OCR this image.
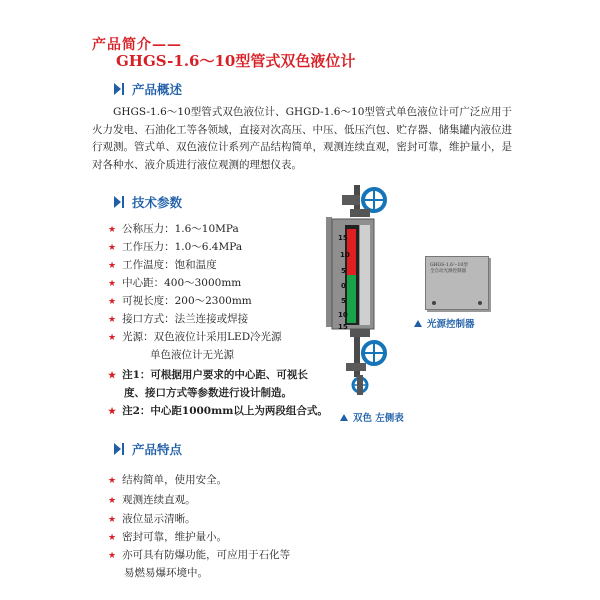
产品简介——
GHGS-1.6～10型管式双色液位计
产品概述
GHGS-1.6～10型管式双色液位计、GHGD-1.6～10型管式单色液位计可广泛应用于火力发电、石油化工等各领域，直接对次高压、中压、低压汽包、贮存器、储集罐内液位进行观测。管式单、双色液位计系列产品结构简单，观测连续直观，密封可靠，维护量小，是对各种水、液介质进行液位观测的理想仪表。
技术参数
★ 公称压力：1.6～10MPa
★ 工作压力：1.0～6.4MPa
★ 工作温度：饱和温度
★ 中心距：400～3000mm
★ 可视长度：200～2300mm
★ 接口方式：法兰连接或焊接
★ 光源：双色液位计采用LED冷光源
单色液位计无光源
★ 注1：可根据用户要求的中心距、可视长
度、接口方式等参数进行设计制造。
★ 注2：中心距1000mm以上为两段组合式。
15
10
5
0
5
10
15
GHGS-1.6～10型
全自动光源控制器
光源控制器
双色 左侧表
产品特点
★ 结构简单，使用安全。
★ 观测连续直观。
★ 液位显示清晰。
★ 密封可靠，维护量小。
★ 亦可具有防爆功能，可应用于石化等
易燃易爆环境中。
